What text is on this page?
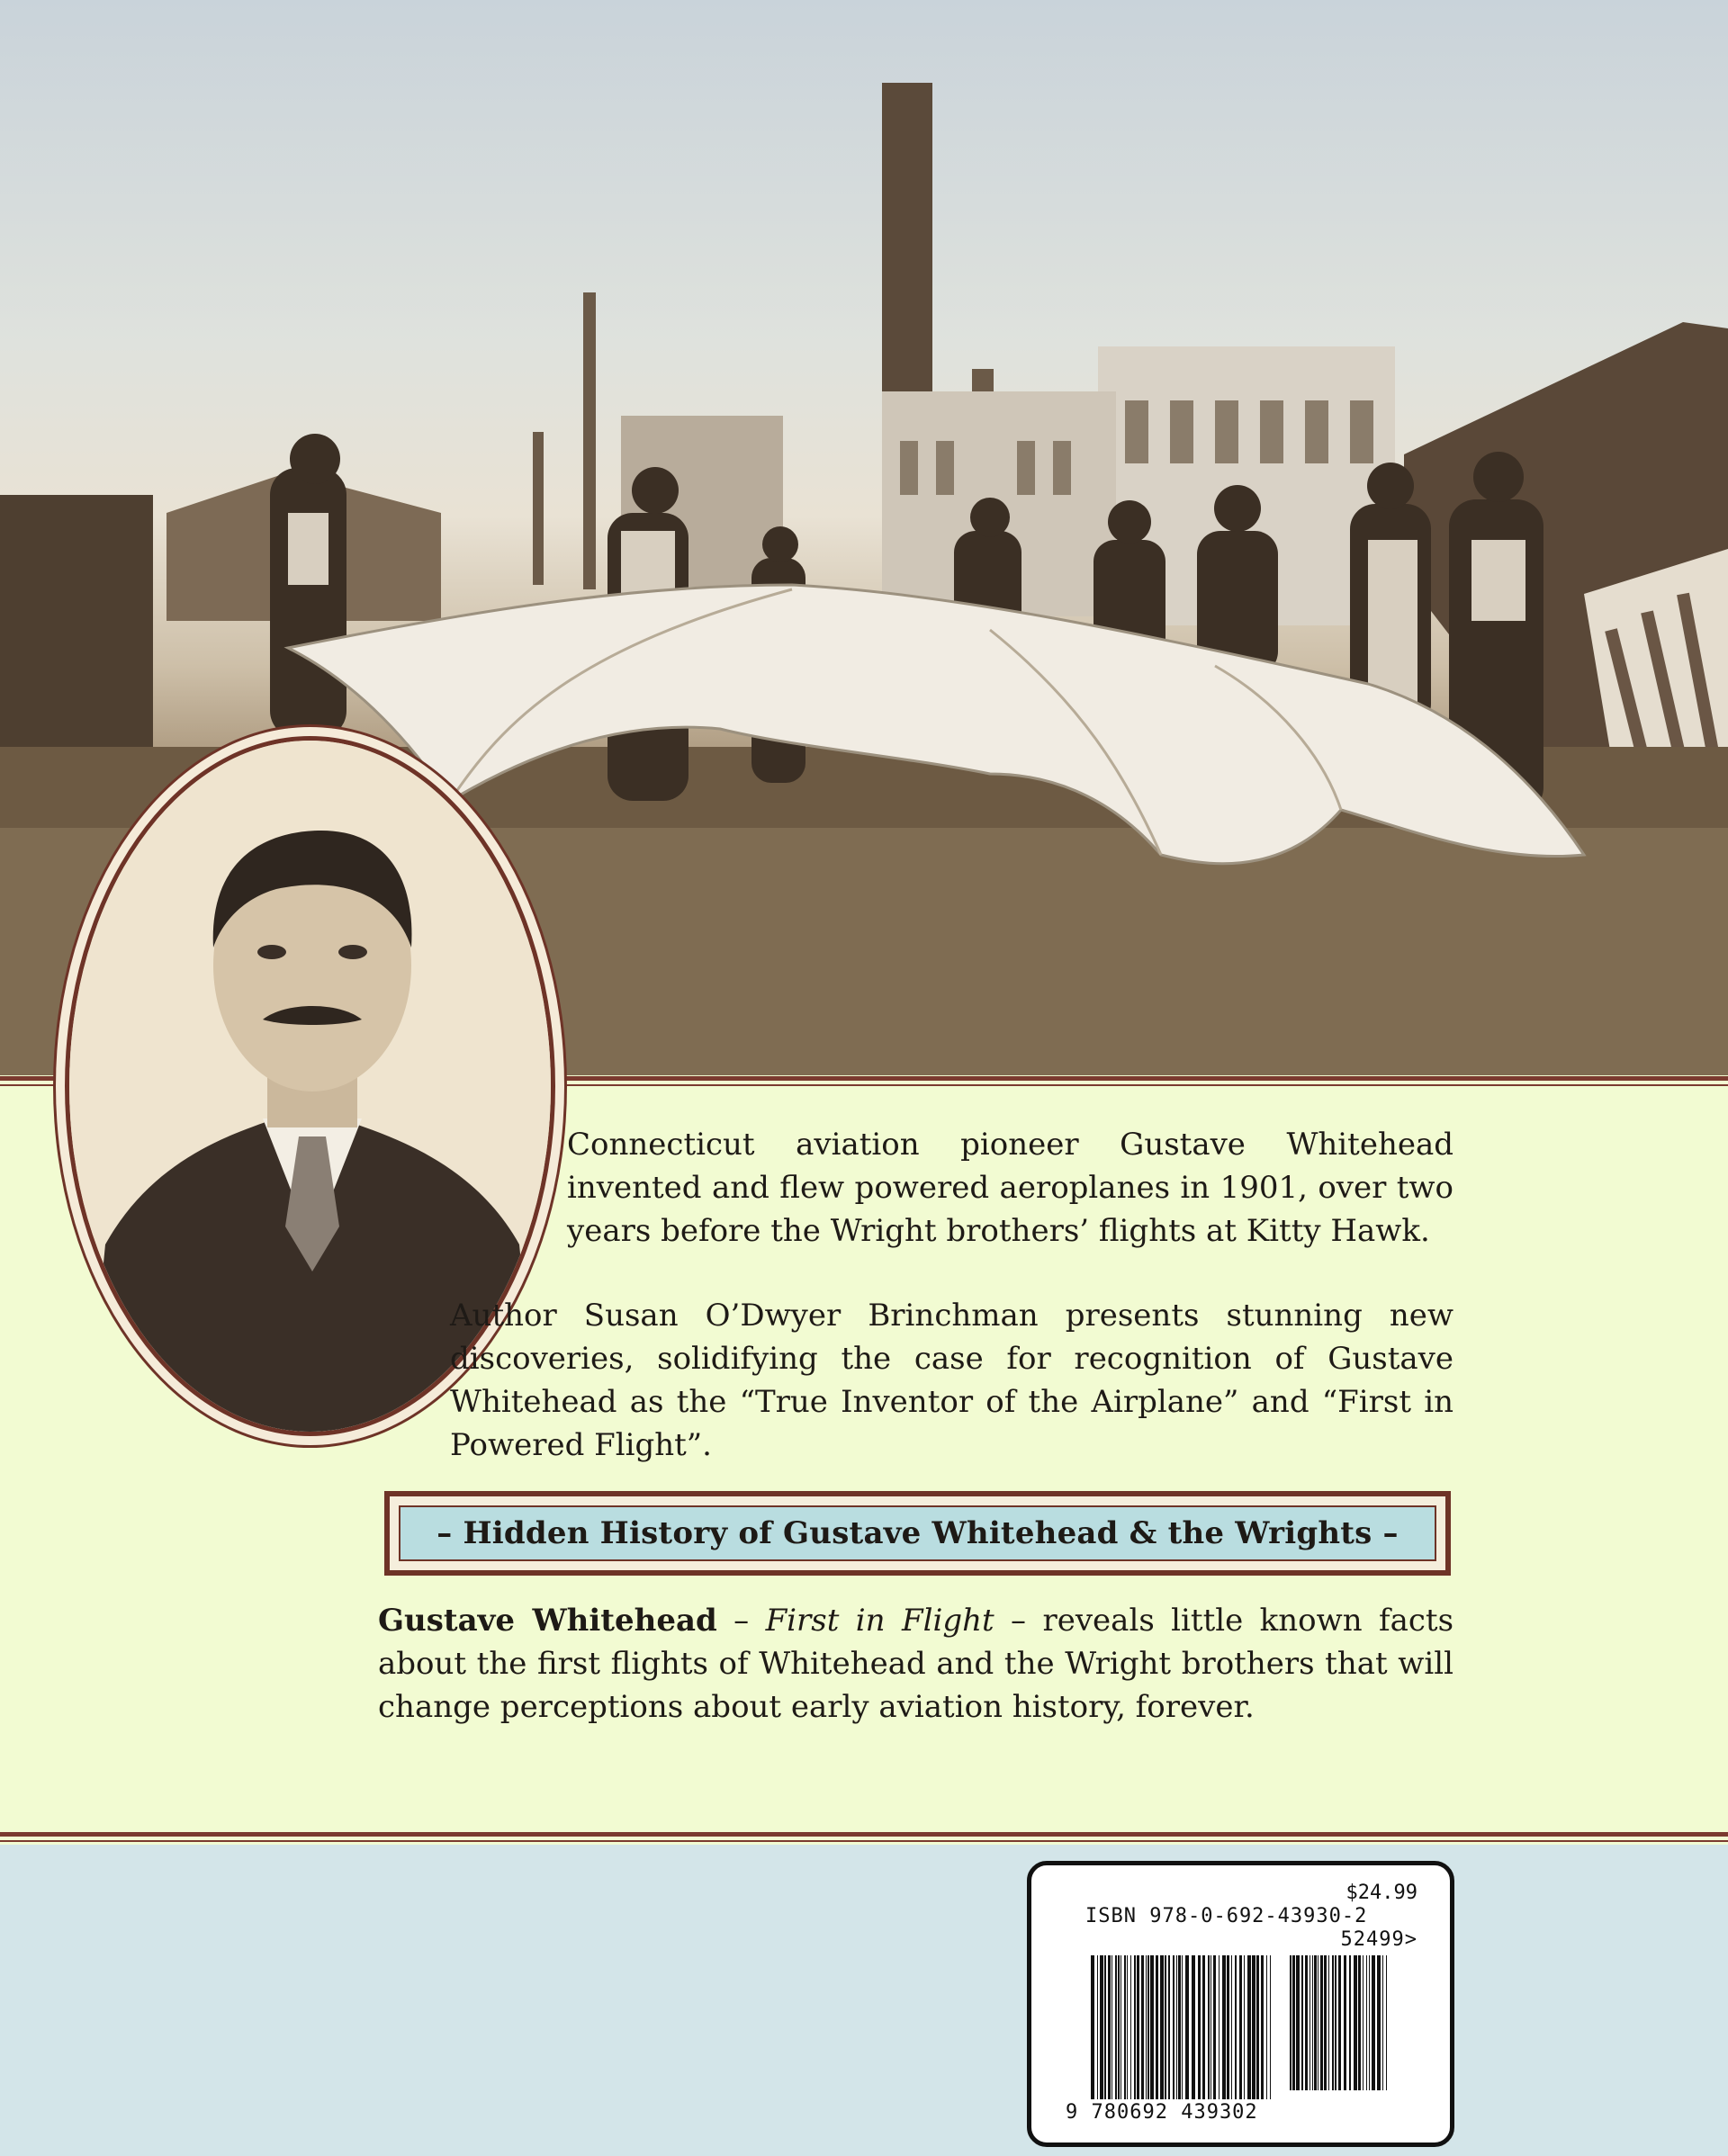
Connecticut aviation pioneer Gustave Whitehead invented and flew powered aeroplanes in 1901, over two years before the Wright brothers’ flights at Kitty Hawk.

Author Susan O’Dwyer Brinchman presents stunning new discoveries, solidifying the case for recognition of Gustave Whitehead as the “True Inventor of the Airplane” and “First in Powered Flight”.

– Hidden History of Gustave Whitehead & the Wrights –

Gustave Whitehead – First in Flight – reveals little known facts about the first flights of Whitehead and the Wright brothers that will change perceptions about early aviation history, forever.

$24.99
ISBN 978-0-692-43930-2
52499>
9 780692 439302
